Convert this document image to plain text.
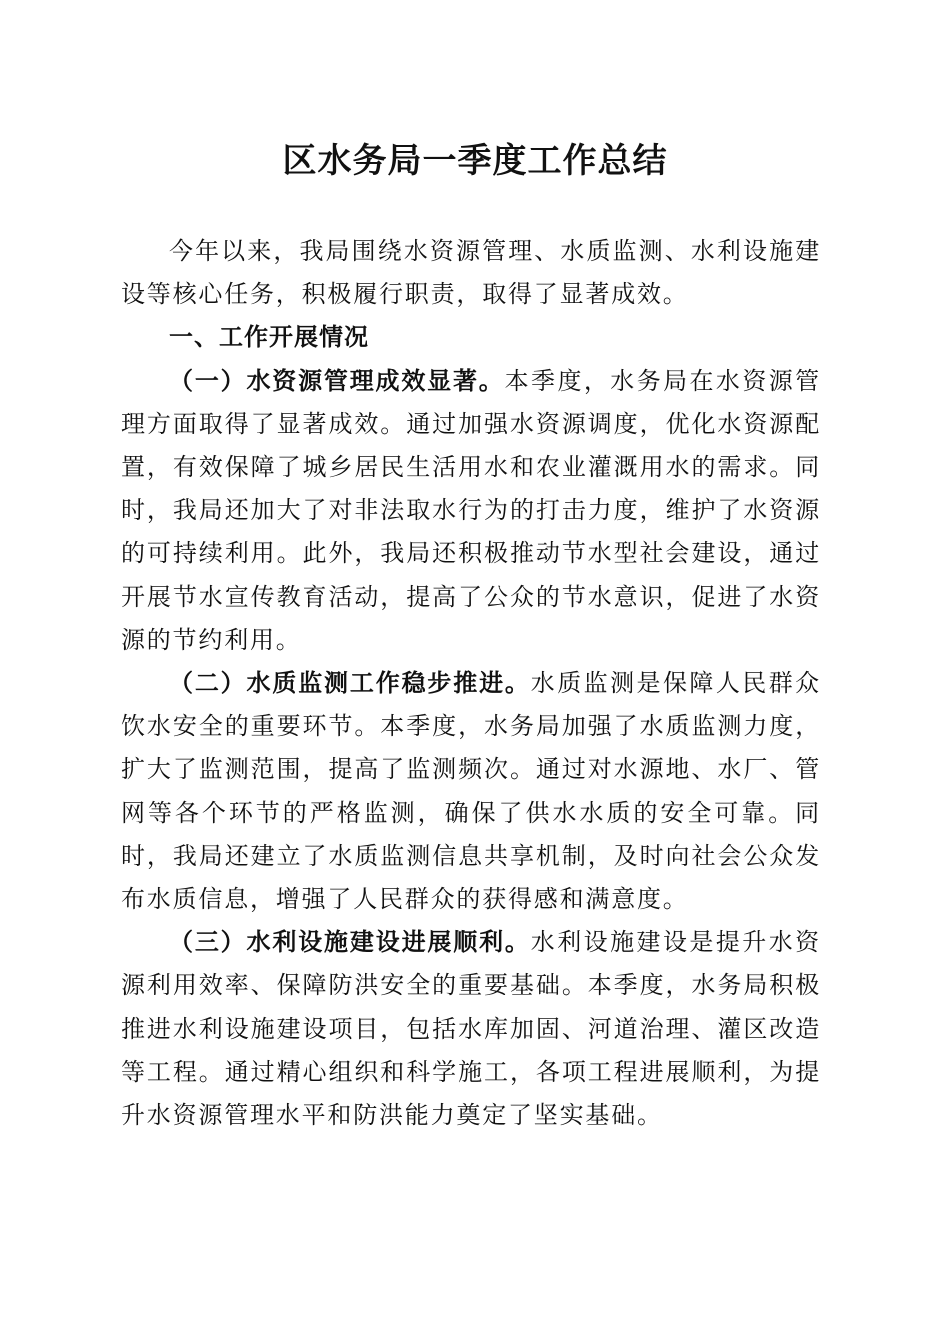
区水务局一季度工作总结

今年以来，我局围绕水资源管理、水质监测、水利设施建设等核心任务，积极履行职责，取得了显著成效。

一、工作开展情况

（一）水资源管理成效显著。本季度，水务局在水资源管理方面取得了显著成效。通过加强水资源调度，优化水资源配置，有效保障了城乡居民生活用水和农业灌溉用水的需求。同时，我局还加大了对非法取水行为的打击力度，维护了水资源的可持续利用。此外，我局还积极推动节水型社会建设，通过开展节水宣传教育活动，提高了公众的节水意识，促进了水资源的节约利用。

（二）水质监测工作稳步推进。水质监测是保障人民群众饮水安全的重要环节。本季度，水务局加强了水质监测力度，扩大了监测范围，提高了监测频次。通过对水源地、水厂、管网等各个环节的严格监测，确保了供水水质的安全可靠。同时，我局还建立了水质监测信息共享机制，及时向社会公众发布水质信息，增强了人民群众的获得感和满意度。

（三）水利设施建设进展顺利。水利设施建设是提升水资源利用效率、保障防洪安全的重要基础。本季度，水务局积极推进水利设施建设项目，包括水库加固、河道治理、灌区改造等工程。通过精心组织和科学施工，各项工程进展顺利，为提升水资源管理水平和防洪能力奠定了坚实基础。
